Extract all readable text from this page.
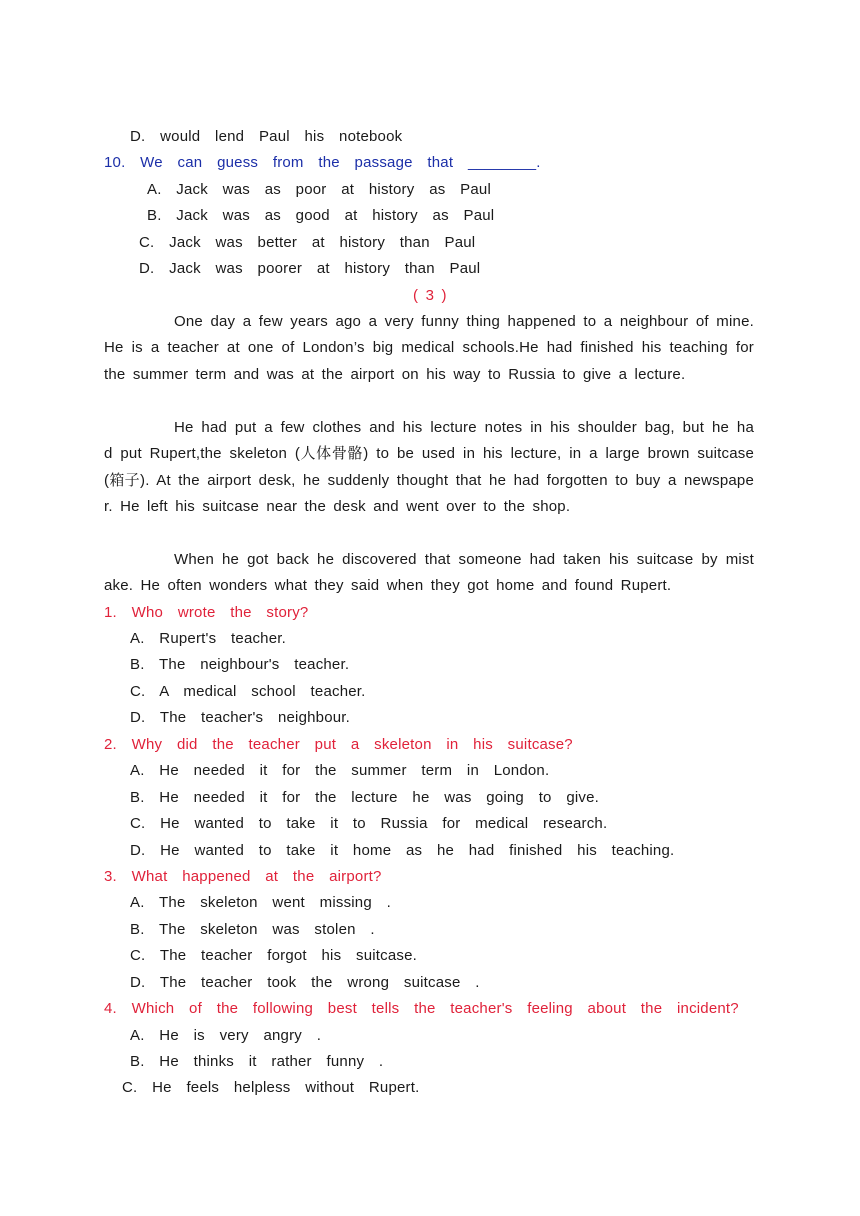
D.  would  lend  Paul  his  notebook
10.  We  can  guess  from  the  passage  that  ________.
A.  Jack  was  as  poor  at  history  as  Paul
B.  Jack  was  as  good  at  history  as  Paul
C.  Jack  was  better  at  history  than  Paul
D.  Jack  was  poorer  at  history  than  Paul
( 3 )
One day a few years ago a very funny thing happened to a neighbour of mine. He is a teacher at one of London’s big medical schools.He had finished his teaching for the summer term and was at the airport on his way to Russia to give a lecture.
He had put a few clothes and his lecture notes in his shoulder bag, but he had put Rupert,the skeleton (人体骨骼) to be used in his lecture, in a large brown suitcase (箱子). At the airport desk, he suddenly thought that he had forgotten to buy a newspaper. He left his suitcase near the desk and went over to the shop.
When he got back he discovered that someone had taken his suitcase by mistake. He often wonders what they said when they got home and found Rupert.
1.  Who  wrote  the  story?
A.  Rupert's  teacher.
B.  The  neighbour's  teacher.
C.  A  medical  school  teacher.
D.  The  teacher's  neighbour.
2.  Why  did  the  teacher  put  a  skeleton  in  his  suitcase?
A.  He  needed  it  for  the  summer  term  in  London.
B.  He  needed  it  for  the  lecture  he  was  going  to  give.
C.  He  wanted  to  take  it  to  Russia  for  medical  research.
D.  He  wanted  to  take  it  home  as  he  had  finished  his  teaching.
3.  What  happened  at  the  airport?
A.  The  skeleton  went  missing  .
B.  The  skeleton  was  stolen  .
C.  The  teacher  forgot  his  suitcase.
D.  The  teacher  took  the  wrong  suitcase  .
4.  Which  of  the  following  best  tells  the  teacher's  feeling  about  the  incident?
A.  He  is  very  angry  .
B.  He  thinks  it  rather  funny  .
C.  He  feels  helpless  without  Rupert.
